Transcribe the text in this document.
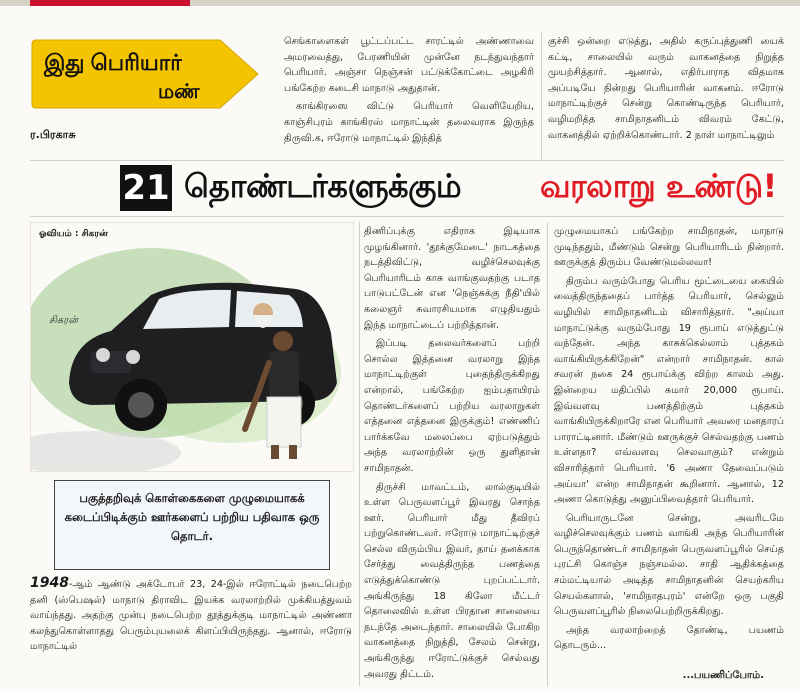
இது பெரியார்
மண்
ர.பிரகாசு

செங்காளைகள் பூட்டப்பட்ட சாரட்டில் அண்ணாவை அமரவைத்து, பேரணியின் முன்னே நடந்துவந்தார் பெரியார். அஞ்சா நெஞ்சன் பட்டுக்கோட்டை அழகிரி பங்கேற்ற கடைசி மாநாடு அதுதான்.

காங்கிரஸை விட்டு பெரியார் வெளியேறிய, காஞ்சிபுரம் காங்கிரஸ் மாநாட்டின் தலைவராக இருந்த திருவி.க, ஈரோடு மாநாட்டில் இந்தித்

குச்சி ஒன்றை எடுத்து, அதில் கருப்புத்துணி யைக் கட்டி, சாலையில் வரும் வாகனத்தை நிறுத்த முயற்சித்தார். ஆனால், எதிர்பாராத விதமாக அப்படியே நின்றது பெரியாரின் வாகனம். ஈரோடு மாநாட்டிற்குச் சென்று கொண்டிருந்த பெரியார், வழிமறித்த சாமிநாதனிடம் விவரம் கேட்டு, வாகனத்தில் ஏற்றிக்கொண்டார். 2 நாள் மாநாட்டிலும்

21 தொண்டர்களுக்கும் வரலாறு உண்டு!
ஓவியம் : சிகரன்
சிகரன்
பகுத்தறிவுக் கொள்கைகளை முழுமையாகக் கடைப்பிடிக்கும் ஊர்களைப் பற்றிய பதிவாக ஒரு தொடர்.

1948-ஆம் ஆண்டு அக்டோபர் 23, 24-இல் ஈரோட்டில் நடைபெற்ற தனி (ஸ்பெஷல்) மாநாடு திராவிட இயக்க வரலாற்றில் முக்கியத்துவம் வாய்ந்தது. அதற்கு முன்பு நடைபெற்ற தூத்துக்குடி மாநாட்டில் அண்ணா கலந்துகொள்ளாதது பெரும்புயலைக் கிளப்பியிருந்தது. ஆனால், ஈரோடு மாநாட்டில்

திணிப்புக்கு எதிராக இடியாக முழங்கினார். 'தூக்குமேடை' நாடகத்தை நடத்திவிட்டு, வழிச்செலவுக்கு பெரியாரிடம் காசு வாங்குவதற்கு படாத பாடுபட்டேன் என 'நெஞ்சுக்கு நீதி'யில் கலைஞர் சுவாரசியமாக எழுதியதும் இந்த மாநாட்டைப் பற்றித்தான்.

இப்படி தலைவர்களைப் பற்றி சொல்ல இத்தனை வரலாறு இந்த மாநாட்டிற்குள் புதைந்திருக்கிறது என்றால், பங்கேற்ற ஐம்பதாயிரம் தொண்டர்களைப் பற்றிய வரலாறுகள் எத்தனை எத்தனை இருக்கும்! எண்ணிப் பார்க்கவே மலைப்பை ஏற்படுத்தும் அந்த வரலாற்றின் ஒரு துளிதான் சாமிநாதன்.

திருச்சி மாவட்டம், லால்குடியில் உள்ள பெருவளப்பூர் இவரது சொந்த ஊர். பெரியார் மீது தீவிரப் பற்றுகொண்டவர். ஈரோடு மாநாட்டிற்குச் செல்ல விரும்பிய இவர், தாய் தனக்காக சேர்த்து வைத்திருந்த பணத்தை எடுத்துக்கொண்டு புறப்பட்டார். அங்கிருந்து 18 கிலோ மீட்டர் தொலைவில் உள்ள பிரதான சாலையை நடந்தே அடைந்தார். சாலையில் போகிற வாகனத்தை நிறுத்தி, சேலம் சென்று, அங்கிருந்து ஈரோட்டுக்குச் செல்வது அவரது திட்டம்.

முழுமையாகப் பங்கேற்ற சாமிநாதன், மாநாடு முடிந்ததும், மீண்டும் சென்று பெரியாரிடம் நின்றார். ஊருக்குத் திரும்ப வேண்டுமல்லவா!

திரும்ப வரும்போது பெரிய மூட்டையை கையில் வைத்திருந்ததைப் பார்த்த பெரியார், செல்லும் வழியில் சாமிநாதனிடம் விசாரித்தார். "அய்யா மாநாட்டுக்கு வரும்போது 19 ரூபாய் எடுத்துட்டு வந்தேன். அந்த காசுக்கெல்லாம் புத்தகம் வாங்கியிருக்கிறேன்" என்றார் சாமிநாதன். கால் சவரன் நகை 24 ரூபாய்க்கு விற்ற காலம் அது. இன்றைய மதிப்பில் சுமார் 20,000 ரூபாய். இவ்வளவு பணத்திற்கும் புத்தகம் வாங்கியிருக்கிறாரே என பெரியார் அவரை மனதாரப் பாராட்டினார். மீண்டும் ஊருக்குச் செல்வதற்கு பணம் உள்ளதா? எவ்வளவு செலவாகும்? என்றும் விசாரித்தார் பெரியார். '6 அணா தேவைப்படும் அய்யா' என்ற சாமிநாதன் கூறினார். ஆனால், 12 அணா கொடுத்து அனுப்பிவைத்தார் பெரியார்.

பெரியாருடனே சென்று, அவரிடமே வழிச்செலவுக்கும் பணம் வாங்கி அந்த பெரியாரின் பெருந்தொண்டர் சாமிநாதன் பெருவளப்பூரில் செய்த புரட்சி கொஞ்ச நஞ்சமல்ல. சாதி ஆதிக்கத்தை சம்மட்டியால் அடித்த சாமிநாதனின் செயற்கரிய செயல்களால், 'சாமிநாதபுரம்' என்றே ஒரு பகுதி பெருவளப்பூரில் நிலைபெற்றிருக்கிறது.

அந்த வரலாற்றைத் தோண்டி, பயணம் தொடரும்...

...பயணிப்போம்.
